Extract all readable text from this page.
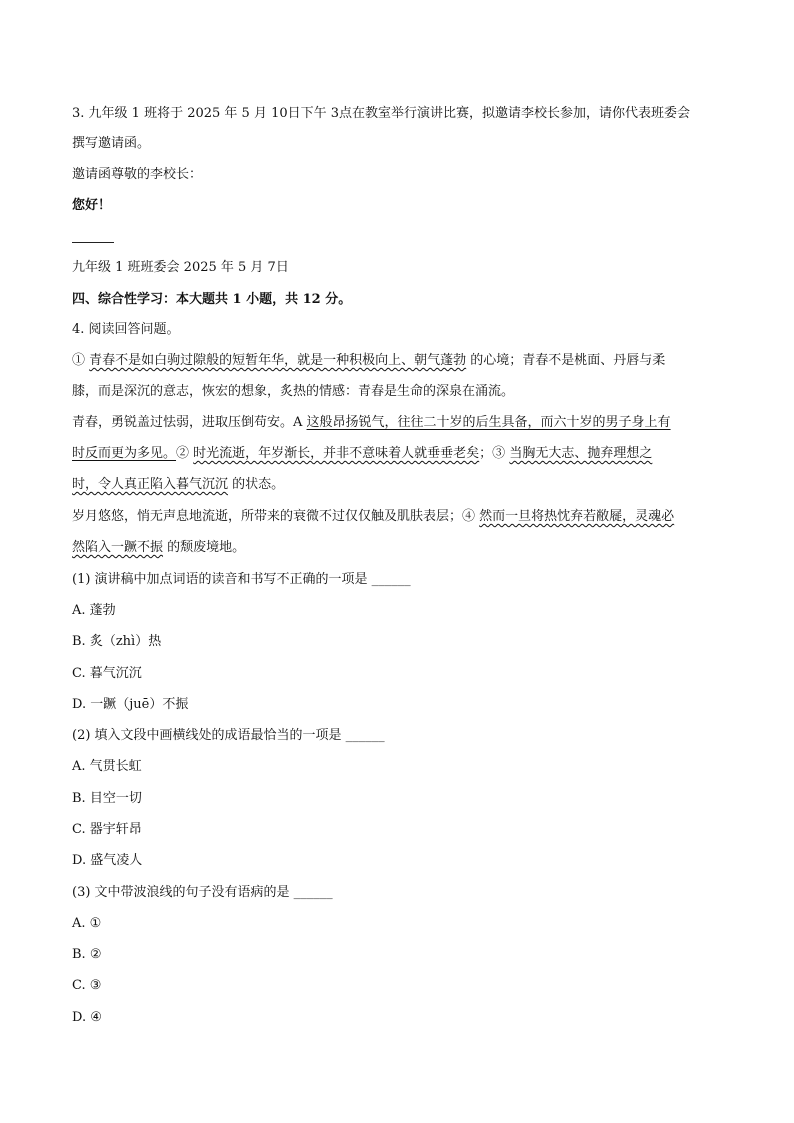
3. 九年级 1 班将于 2025 年 5 月 10日下午 3点在教室举行演讲比赛，拟邀请李校长参加，请你代表班委会
撰写邀请函。
邀请函尊敬的李校长：
您好！
九年级 1 班班委会 2025 年 5 月 7日
四、综合性学习：本大题共 1 小题，共 12 分。
4. 阅读回答问题。
① 青春不是如白驹过隙般的短暂年华，就是一种积极向上、朝气蓬勃 的心境；青春不是桃面、丹唇与柔
膝，而是深沉的意志，恢宏的想象，炙热的情感：青春是生命的深泉在涌流。
青春，勇锐盖过怯弱，进取压倒苟安。A 这般昂扬锐气，往往二十岁的后生具备，而六十岁的男子身上有
时反而更为多见。② 时光流逝，年岁渐长，并非不意味着人就垂垂老矣；③ 当胸无大志、抛弃理想之
时，令人真正陷入暮气沉沉 的状态。
岁月悠悠，悄无声息地流逝，所带来的衰微不过仅仅触及肌肤表层；④ 然而一旦将热忱弃若敝屣，灵魂必
然陷入一蹶不振 的颓废境地。
(1) 演讲稿中加点词语的读音和书写不正确的一项是 ______
A. 蓬勃
B. 炙（zhì）热
C. 暮气沉沉
D. 一蹶（juē）不振
(2) 填入文段中画横线处的成语最恰当的一项是 ______
A. 气贯长虹
B. 目空一切
C. 器宇轩昂
D. 盛气凌人
(3) 文中带波浪线的句子没有语病的是 ______
A. ①
B. ②
C. ③
D. ④
